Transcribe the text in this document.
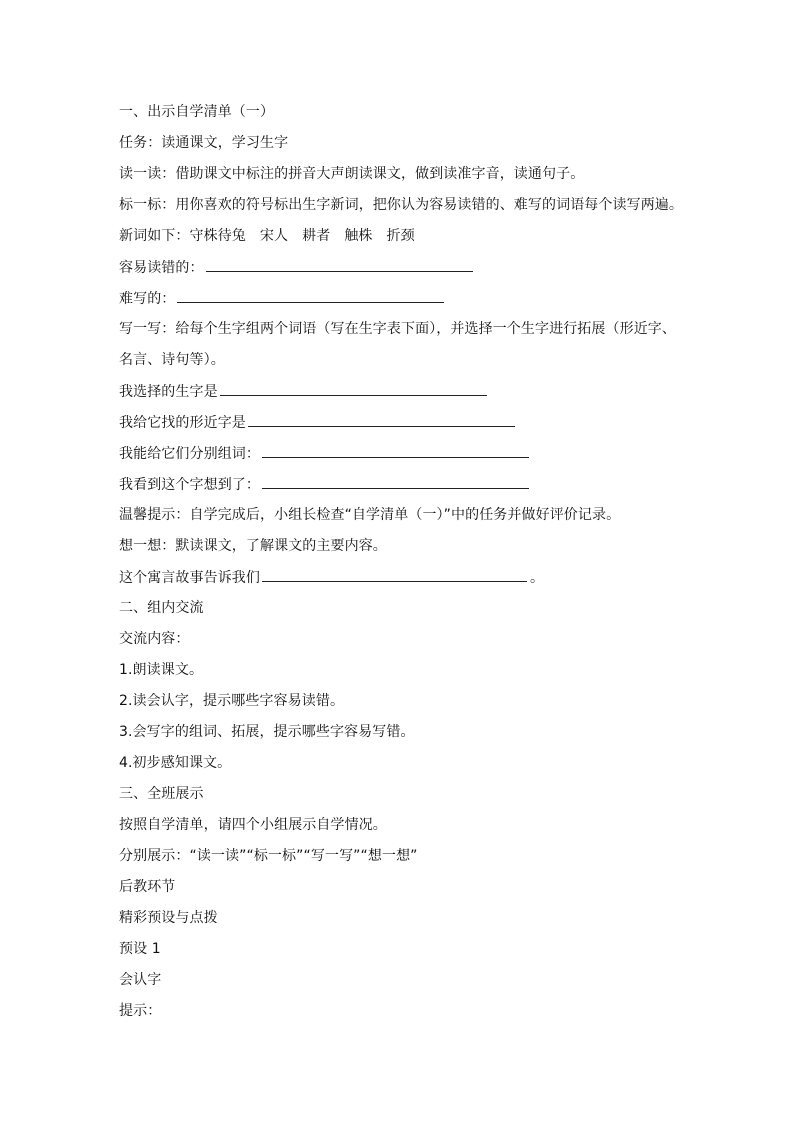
一、出示自学清单（一）
任务：读通课文，学习生字
读一读：借助课文中标注的拼音大声朗读课文，做到读准字音，读通句子。
标一标：用你喜欢的符号标出生字新词，把你认为容易读错的、难写的词语每个读写两遍。
新词如下：守株待兔 宋人 耕者 触株 折颈
容易读错的：
难写的：
写一写：给每个生字组两个词语（写在生字表下面），并选择一个生字进行拓展（形近字、
名言、诗句等）。
我选择的生字是
我给它找的形近字是
我能给它们分别组词：
我看到这个字想到了：
温馨提示：自学完成后，小组长检查“自学清单（一）”中的任务并做好评价记录。
想一想：默读课文，了解课文的主要内容。
这个寓言故事告诉我们	。
二、组内交流
交流内容：
1.朗读课文。
2.读会认字，提示哪些字容易读错。
3.会写字的组词、拓展，提示哪些字容易写错。
4.初步感知课文。
三、全班展示
按照自学清单，请四个小组展示自学情况。
分别展示：“读一读”“标一标”“写一写”“想一想”
后教环节
精彩预设与点拨
预设 1
会认字
提示：
